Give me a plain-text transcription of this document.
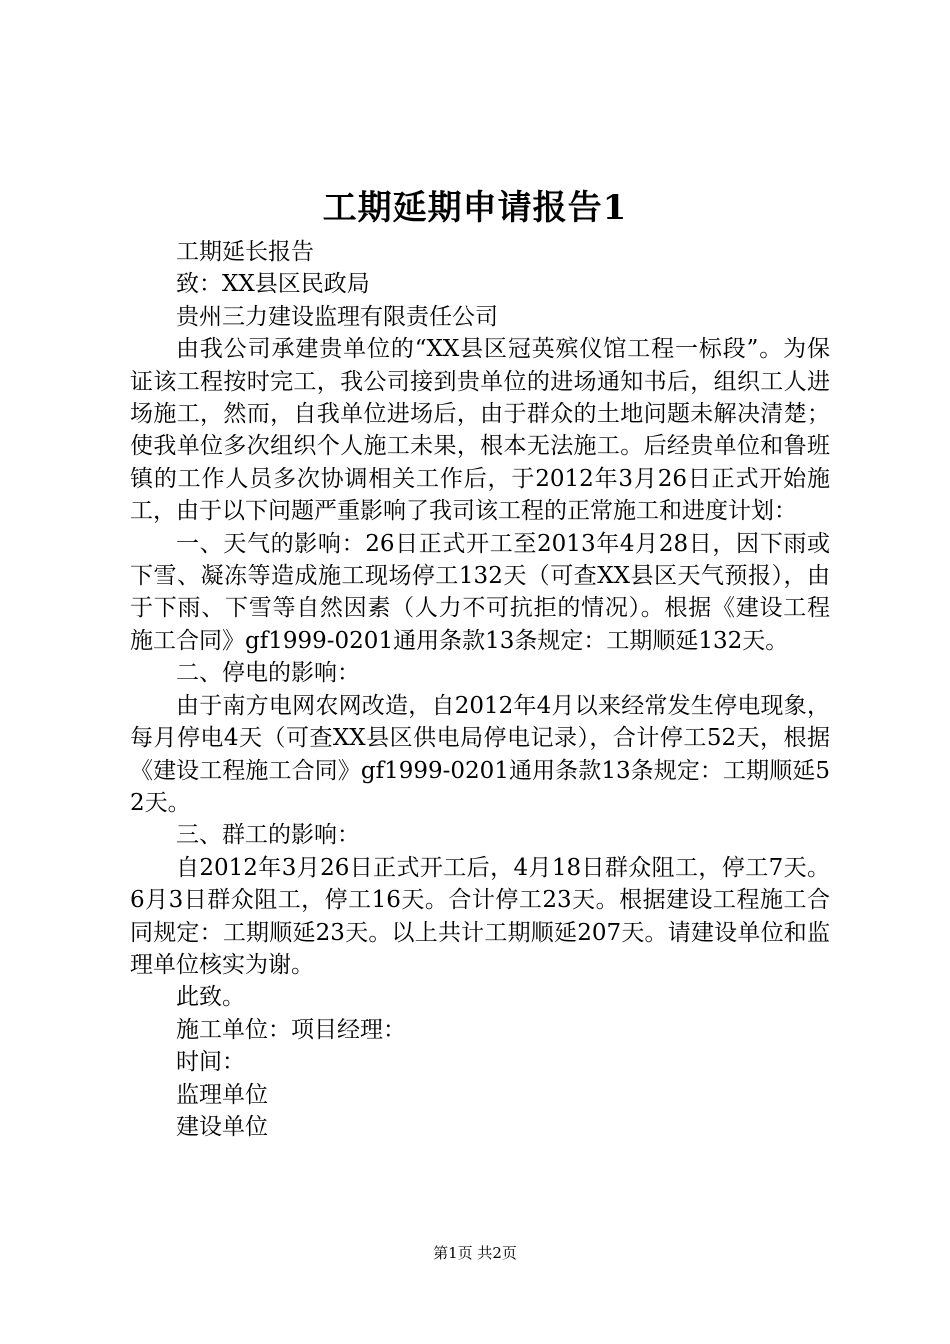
工期延期申请报告1

工期延长报告

致：XX县区民政局

贵州三力建设监理有限责任公司

由我公司承建贵单位的“XX县区冠英殡仪馆工程一标段”。为保证该工程按时完工，我公司接到贵单位的进场通知书后，组织工人进场施工，然而，自我单位进场后，由于群众的土地问题未解决清楚；使我单位多次组织个人施工未果，根本无法施工。后经贵单位和鲁班镇的工作人员多次协调相关工作后，于2012年3月26日正式开始施工，由于以下问题严重影响了我司该工程的正常施工和进度计划：

一、天气的影响：26日正式开工至2013年4月28日，因下雨或下雪、凝冻等造成施工现场停工132天（可查XX县区天气预报），由于下雨、下雪等自然因素（人力不可抗拒的情况）。根据《建设工程施工合同》gf1999-0201通用条款13条规定：工期顺延132天。

二、停电的影响：

由于南方电网农网改造，自2012年4月以来经常发生停电现象，每月停电4天（可查XX县区供电局停电记录），合计停工52天，根据《建设工程施工合同》gf1999-0201通用条款13条规定：工期顺延52天。

三、群工的影响：

自2012年3月26日正式开工后，4月18日群众阻工，停工7天。6月3日群众阻工，停工16天。合计停工23天。根据建设工程施工合同规定：工期顺延23天。以上共计工期顺延207天。请建设单位和监理单位核实为谢。

此致。

施工单位：项目经理：

时间：

监理单位

建设单位

第1页 共2页
